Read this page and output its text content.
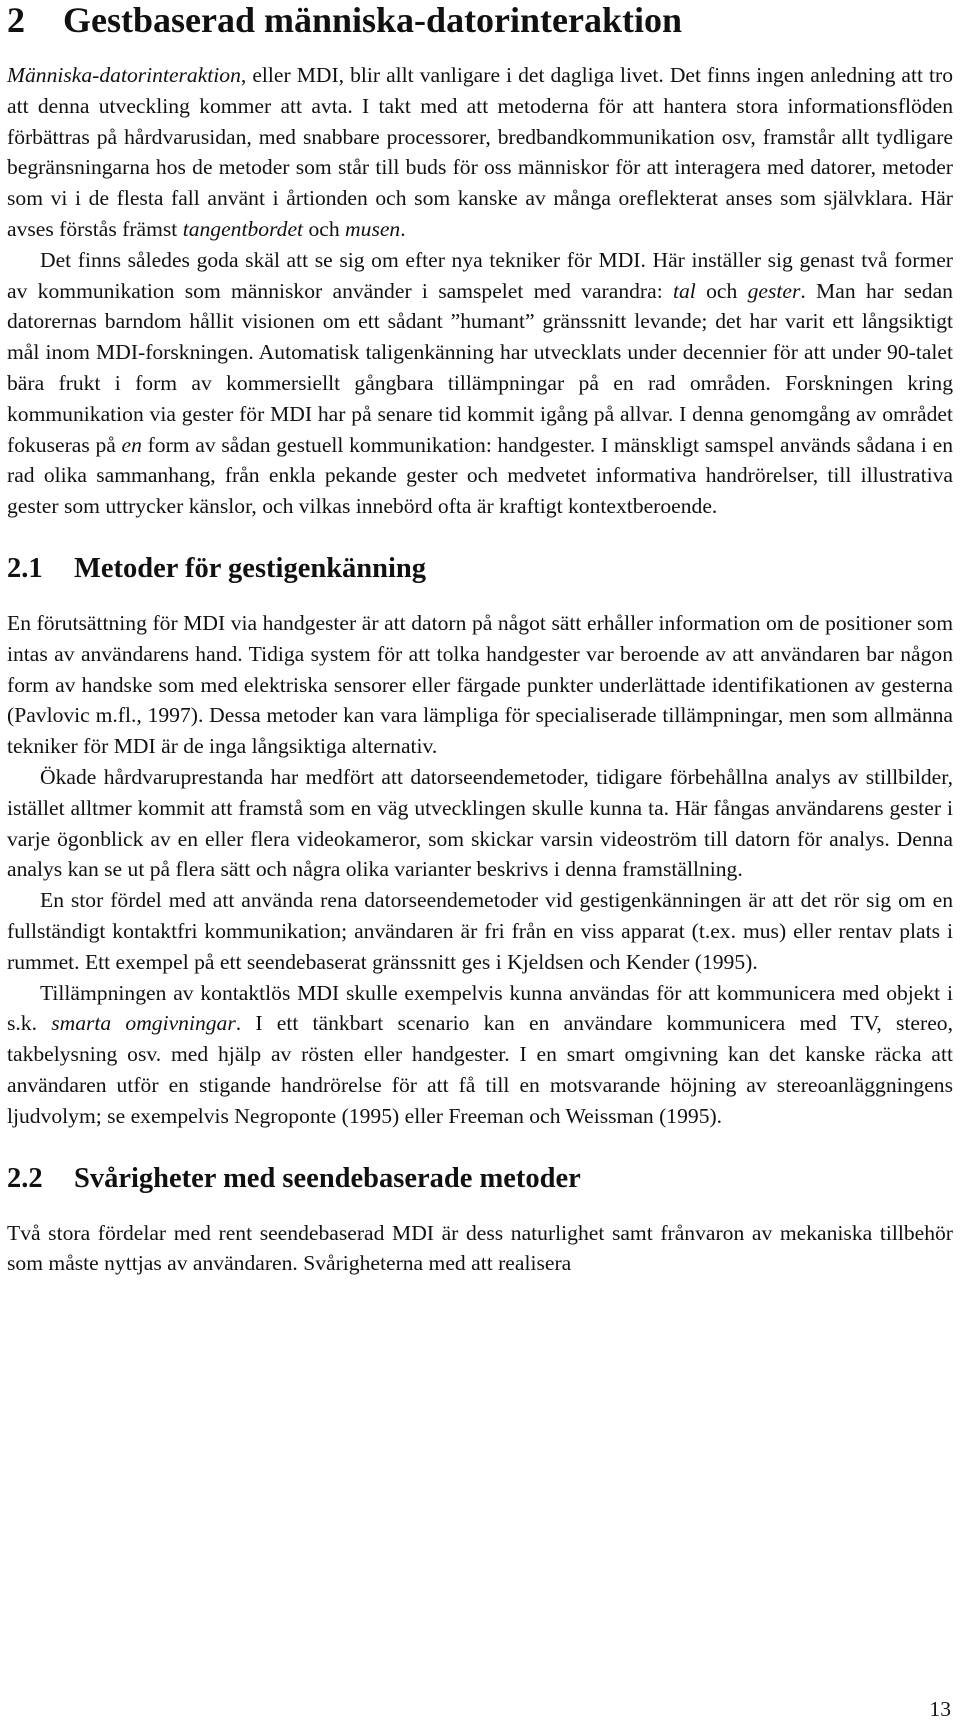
2 Gestbaserad människa-datorinteraktion

Människa-datorinteraktion, eller MDI, blir allt vanligare i det dagliga livet. Det finns ingen anledning att tro att denna utveckling kommer att avta. I takt med att metoderna för att hantera stora informationsflöden förbättras på hårdvarusidan, med snabbare processorer, bredbandkommunikation osv, framstår allt tydligare begränsningarna hos de metoder som står till buds för oss människor för att interagera med datorer, metoder som vi i de flesta fall använt i årtionden och som kanske av många oreflekterat anses som självklara. Här avses förstås främst tangentbordet och musen.

Det finns således goda skäl att se sig om efter nya tekniker för MDI. Här inställer sig genast två former av kommunikation som människor använder i samspelet med varandra: tal och gester. Man har sedan datorernas barndom hållit visionen om ett sådant ”humant” gränssnitt levande; det har varit ett långsiktigt mål inom MDI-forskningen. Automatisk taligenkänning har utvecklats under decennier för att under 90-talet bära frukt i form av kommersiellt gångbara tillämpningar på en rad områden. Forskningen kring kommunikation via gester för MDI har på senare tid kommit igång på allvar. I denna genomgång av området fokuseras på en form av sådan gestuell kommunikation: handgester. I mänskligt samspel används sådana i en rad olika sammanhang, från enkla pekande gester och medvetet informativa handrörelser, till illustrativa gester som uttrycker känslor, och vilkas innebörd ofta är kraftigt kontextberoende.

2.1 Metoder för gestigenkänning

En förutsättning för MDI via handgester är att datorn på något sätt erhåller information om de positioner som intas av användarens hand. Tidiga system för att tolka handgester var beroende av att användaren bar någon form av handske som med elektriska sensorer eller färgade punkter underlättade identifikationen av gesterna (Pavlovic m.fl., 1997). Dessa metoder kan vara lämpliga för specialiserade tillämpningar, men som allmänna tekniker för MDI är de inga långsiktiga alternativ.

Ökade hårdvaruprestanda har medfört att datorseendemetoder, tidigare förbehållna analys av stillbilder, istället alltmer kommit att framstå som en väg utvecklingen skulle kunna ta. Här fångas användarens gester i varje ögonblick av en eller flera videokameror, som skickar varsin videoström till datorn för analys. Denna analys kan se ut på flera sätt och några olika varianter beskrivs i denna framställning.

En stor fördel med att använda rena datorseendemetoder vid gestigenkänningen är att det rör sig om en fullständigt kontaktfri kommunikation; användaren är fri från en viss apparat (t.ex. mus) eller rentav plats i rummet. Ett exempel på ett seendebaserat gränssnitt ges i Kjeldsen och Kender (1995).

Tillämpningen av kontaktlös MDI skulle exempelvis kunna användas för att kommunicera med objekt i s.k. smarta omgivningar. I ett tänkbart scenario kan en användare kommunicera med TV, stereo, takbelysning osv. med hjälp av rösten eller handgester. I en smart omgivning kan det kanske räcka att användaren utför en stigande handrörelse för att få till en motsvarande höjning av stereoanläggningens ljudvolym; se exempelvis Negroponte (1995) eller Freeman och Weissman (1995).

2.2 Svårigheter med seendebaserade metoder

Två stora fördelar med rent seendebaserad MDI är dess naturlighet samt frånvaron av mekaniska tillbehör som måste nyttjas av användaren. Svårigheterna med att realisera

13
